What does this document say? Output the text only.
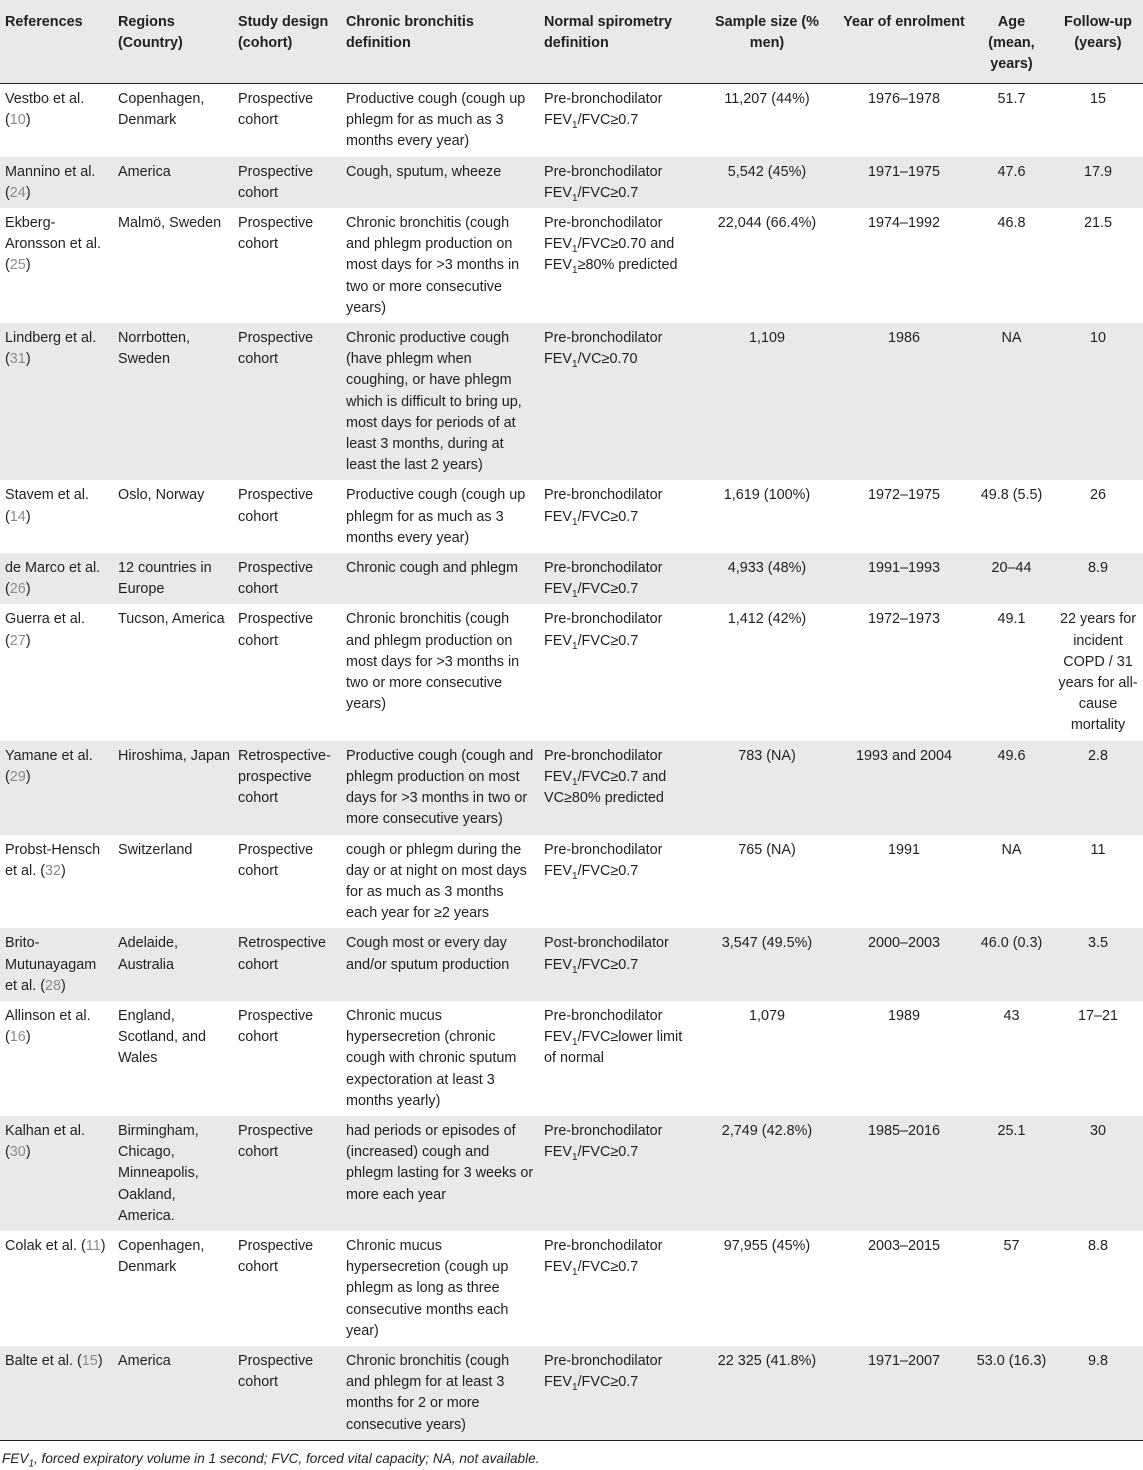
References	Regions (Country)	Study design (cohort)	Chronic bronchitis definition	Normal spirometry definition	Sample size (% men)	Year of enrolment	Age (mean, years)	Follow-up (years)
Vestbo et al. (10)	Copenhagen, Denmark	Prospective cohort	Productive cough (cough up phlegm for as much as 3 months every year)	Pre-bronchodilator $FEV_1/FVC\ge 0.7$	11,207 (44%)	1976–1978	51.7	15
Mannino et al. (24)	America	Prospective cohort	Cough, sputum, wheeze	Pre-bronchodilator $FEV_1/FVC\ge 0.7$	5,542 (45%)	1971–1975	47.6	17.9
Ekberg-Aronsson et al. (25)	Malmö, Sweden	Prospective cohort	Chronic bronchitis (cough and phlegm production on most days for >3 months in two or more consecutive years)	Pre-bronchodilator $FEV_1/FVC\ge 0.70$ and $FEV_1\ge 80\%$ predicted	22,044 (66.4%)	1974–1992	46.8	21.5
Lindberg et al. (31)	Norrbotten, Sweden	Prospective cohort	Chronic productive cough (have phlegm when coughing, or have phlegm which is difficult to bring up, most days for periods of at least 3 months, during at least the last 2 years)	Pre-bronchodilator $FEV_1/VC\ge 0.70$	1,109	1986	NA	10
Stavem et al. (14)	Oslo, Norway	Prospective cohort	Productive cough (cough up phlegm for as much as 3 months every year)	Pre-bronchodilator $FEV_1/FVC\ge 0.7$	1,619 (100%)	1972–1975	49.8 (5.5)	26
de Marco et al. (26)	12 countries in Europe	Prospective cohort	Chronic cough and phlegm	Pre-bronchodilator $FEV_1/FVC\ge 0.7$	4,933 (48%)	1991–1993	20–44	8.9
Guerra et al. (27)	Tucson, America	Prospective cohort	Chronic bronchitis (cough and phlegm production on most days for >3 months in two or more consecutive years)	Pre-bronchodilator $FEV_1/FVC\ge 0.7$	1,412 (42%)	1972–1973	49.1	22 years for incident COPD / 31 years for all-cause mortality
Yamane et al. (29)	Hiroshima, Japan	Retrospective-prospective cohort	Productive cough (cough and phlegm production on most days for >3 months in two or more consecutive years)	Pre-bronchodilator $FEV_1/FVC\ge 0.7$ and VC≥80% predicted	783 (NA)	1993 and 2004	49.6	2.8
Probst-Hensch et al. (32)	Switzerland	Prospective cohort	cough or phlegm during the day or at night on most days for as much as 3 months each year for ≥2 years	Pre-bronchodilator $FEV_1/FVC\ge 0.7$	765 (NA)	1991	NA	11
Brito-Mutunayagam et al. (28)	Adelaide, Australia	Retrospective cohort	Cough most or every day and/or sputum production	Post-bronchodilator $FEV_1/FVC\ge 0.7$	3,547 (49.5%)	2000–2003	46.0 (0.3)	3.5
Allinson et al. (16)	England, Scotland, and Wales	Prospective cohort	Chronic mucus hypersecretion (chronic cough with chronic sputum expectoration at least 3 months yearly)	Pre-bronchodilator $FEV_1/FVC\ge lower$ limit of normal	1,079	1989	43	17–21
Kalhan et al. (30)	Birmingham, Chicago, Minneapolis, Oakland, America.	Prospective cohort	had periods or episodes of (increased) cough and phlegm lasting for 3 weeks or more each year	Pre-bronchodilator $FEV_1/FVC\ge 0.7$	2,749 (42.8%)	1985–2016	25.1	30
Colak et al. (11)	Copenhagen, Denmark	Prospective cohort	Chronic mucus hypersecretion (cough up phlegm as long as three consecutive months each year)	Pre-bronchodilator $FEV_1/FVC\ge 0.7$	97,955 (45%)	2003–2015	57	8.8
Balte et al. (15)	America	Prospective cohort	Chronic bronchitis (cough and phlegm for at least 3 months for 2 or more consecutive years)	Pre-bronchodilator $FEV_1/FVC\ge 0.7$	22 325 (41.8%)	1971–2007	53.0 (16.3)	9.8
$FEV_1$, forced expiratory volume in 1 second; FVC, forced vital capacity; NA, not available.
